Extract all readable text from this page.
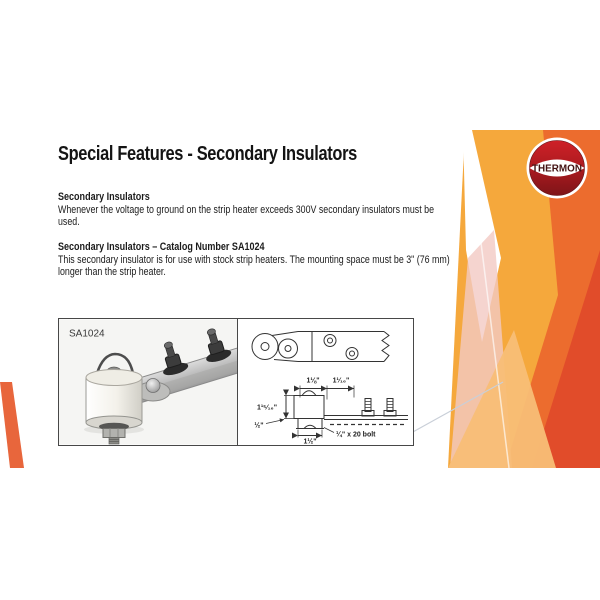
THERMON
Special Features - Secondary Insulators
Secondary Insulators

Whenever the voltage to ground on the strip heater exceeds 300V secondary insulators must be used.

Secondary Insulators – Catalog Number SA1024

This secondary insulator is for use with stock strip heaters. The mounting space must be 3" (76 mm) longer than the strip heater.

SA1024
1⅛" 1¹⁄₁₆"
1¹⁵⁄₁₆"
½"
1½"
¼" x 20 bolt
